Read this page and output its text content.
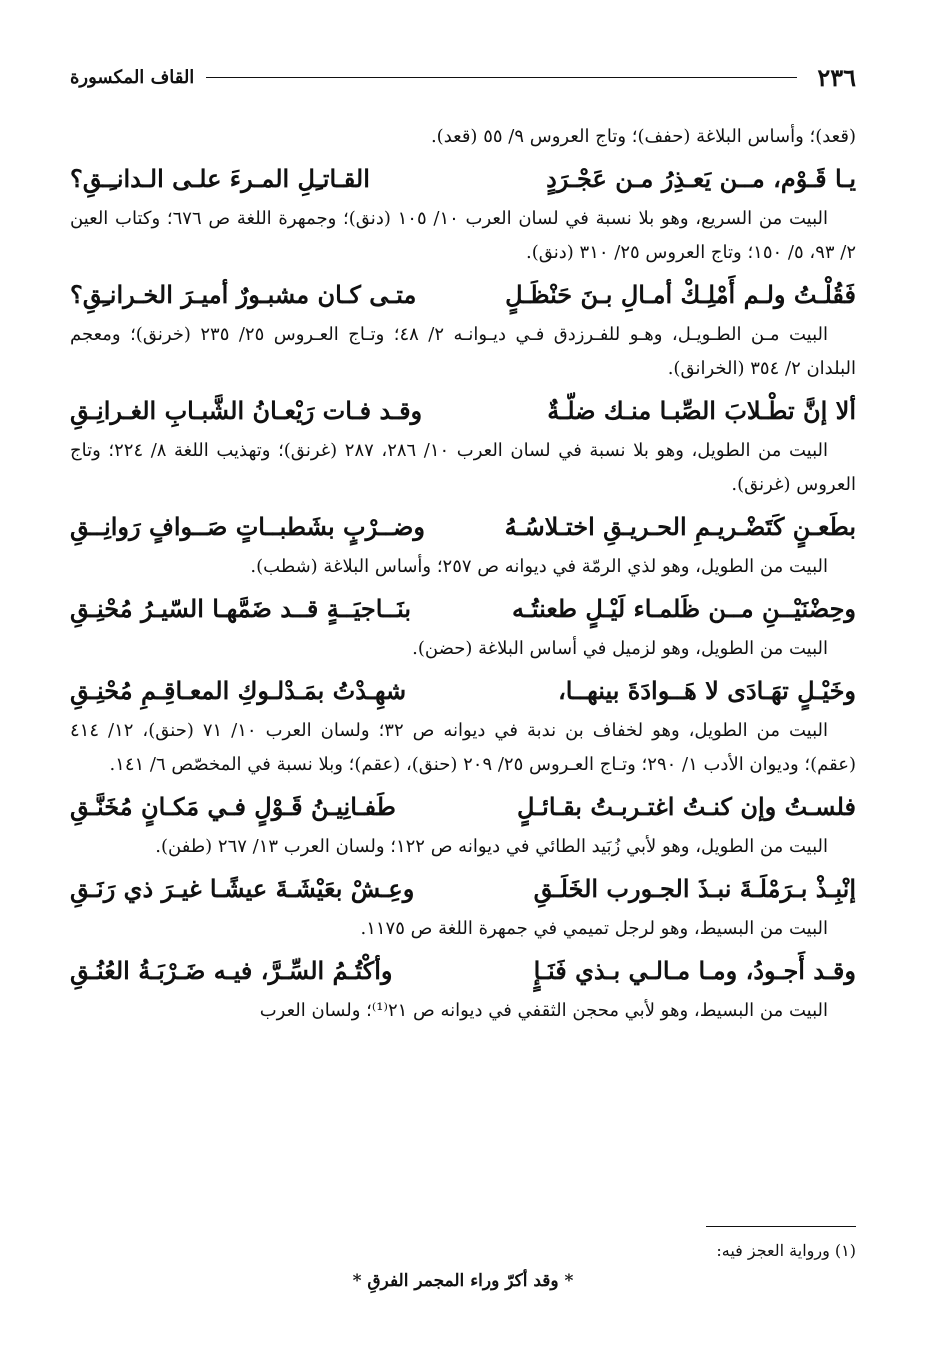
٢٣٦
القاف المكسورة

(قعد)؛ وأساس البلاغة (حفف)؛ وتاج العروس ٩/ ٥٥ (قعد).

يـا قَـوْم، مــن يَعـذِرُ مـن عَجْـرَدٍ
القـاتـِلِ المـرءَ علـى الـدانـِـقِ؟

البيت من السريع، وهو بلا نسبة في لسان العرب ١٠/ ١٠٥ (دنق)؛ وجمهرة اللغة ص ٦٧٦؛ وكتاب العين ٢/ ٩٣، ٥/ ١٥٠؛ وتاج العروس ٢٥/ ٣١٠ (دنق).

فَقُلْـتُ ولـم أَمْلِـكْ أمـالِ بـنَ حَنْظَـلٍ
متـى كـان مشبـورٌ أميـرَ الخـرانـِقِ؟

البيت مـن الطـويـل، وهـو للفـرزدق فـي ديـوانـه ٢/ ٤٨؛ وتـاج العـروس ٢٥/ ٢٣٥ (خرنق)؛ ومعجم البلدان ٢/ ٣٥٤ (الخرانق).

ألا إنَّ تطْـلابَ الصِّبـا منـك ضلّـةٌ
وقـد فـات رَيْعـانُ الشَّبـابِ الغـرانِـقِ

البيت من الطويل، وهو بلا نسبة في لسان العرب ١٠/ ٢٨٦، ٢٨٧ (غرنق)؛ وتهذيب اللغة ٨/ ٢٢٤؛ وتاج العروس (غرنق).

بطَعـنٍ كَتَضْـريـمِ الحـريـقِ اختـلاسُـهُ
وضــرْبٍ بشَطبــاتٍ صَــوافٍ رَوانِــقِ

البيت من الطويل، وهو لذي الرمّة في ديوانه ص ٢٥٧؛ وأساس البلاغة (شطب).

وحِضْنَيْــنِ مــن ظَلمـاء لَيْـلٍ طعنتُـه
بنَــاجيَــةٍ قــد ضَمَّهـا السّيـرُ مُحْنِـقِ

البيت من الطويل، وهو لزميل في أساس البلاغة (حضن).

وخَيْـلٍ تهَـادَى لا هَــوادَةَ بينهــا،
شهِـدْتُ بمَـدْلـوكِ المعـاقِـمِ مُحْنِـقِ

البيت من الطويل، وهو لخفاف بن ندبة في ديوانه ص ٣٢؛ ولسان العرب ١٠/ ٧١ (حنق)، ١٢/ ٤١٤ (عقم)؛ وديوان الأدب ١/ ٢٩٠؛ وتـاج العـروس ٢٥/ ٢٠٩ (حنق)، (عقم)؛ وبلا نسبة في المخصّص ٦/ ١٤١.

فلسـتُ وإن كنـتُ اغتـربـتُ بقـائـلٍ
طَفـانِيـنُ قَـوْلٍ فـي مَكـانٍ مُخَنَّـقِ

البيت من الطويل، وهو لأبي زُبَيد الطائي في ديوانه ص ١٢٢؛ ولسان العرب ١٣/ ٢٦٧ (طفن).

إنْبِـذْ بـرَمْلَـةَ نبـذَ الجـورب الخَلَـقِ
وعِـشْ بعَيْشَـةَ عيشًـا غيـرَ ذي رَنَـقِ

البيت من البسيط، وهو لرجل تميمي في جمهرة اللغة ص ١١٧٥.

وقـد أَجـودُ، ومـا مـالـي بـذي فَنَـإٍ
وأكْتُـمُ السِّـرَّ، فيـه ضَـرْبَـةُ العُنُـقِ

البيت من البسيط، وهو لأبي محجن الثقفي في ديوانه ص ٢١⁽¹⁾؛ ولسان العرب

(١) ورواية العجز فيه:
* وقد أكرّ وراء المجمر الفرقِ *
